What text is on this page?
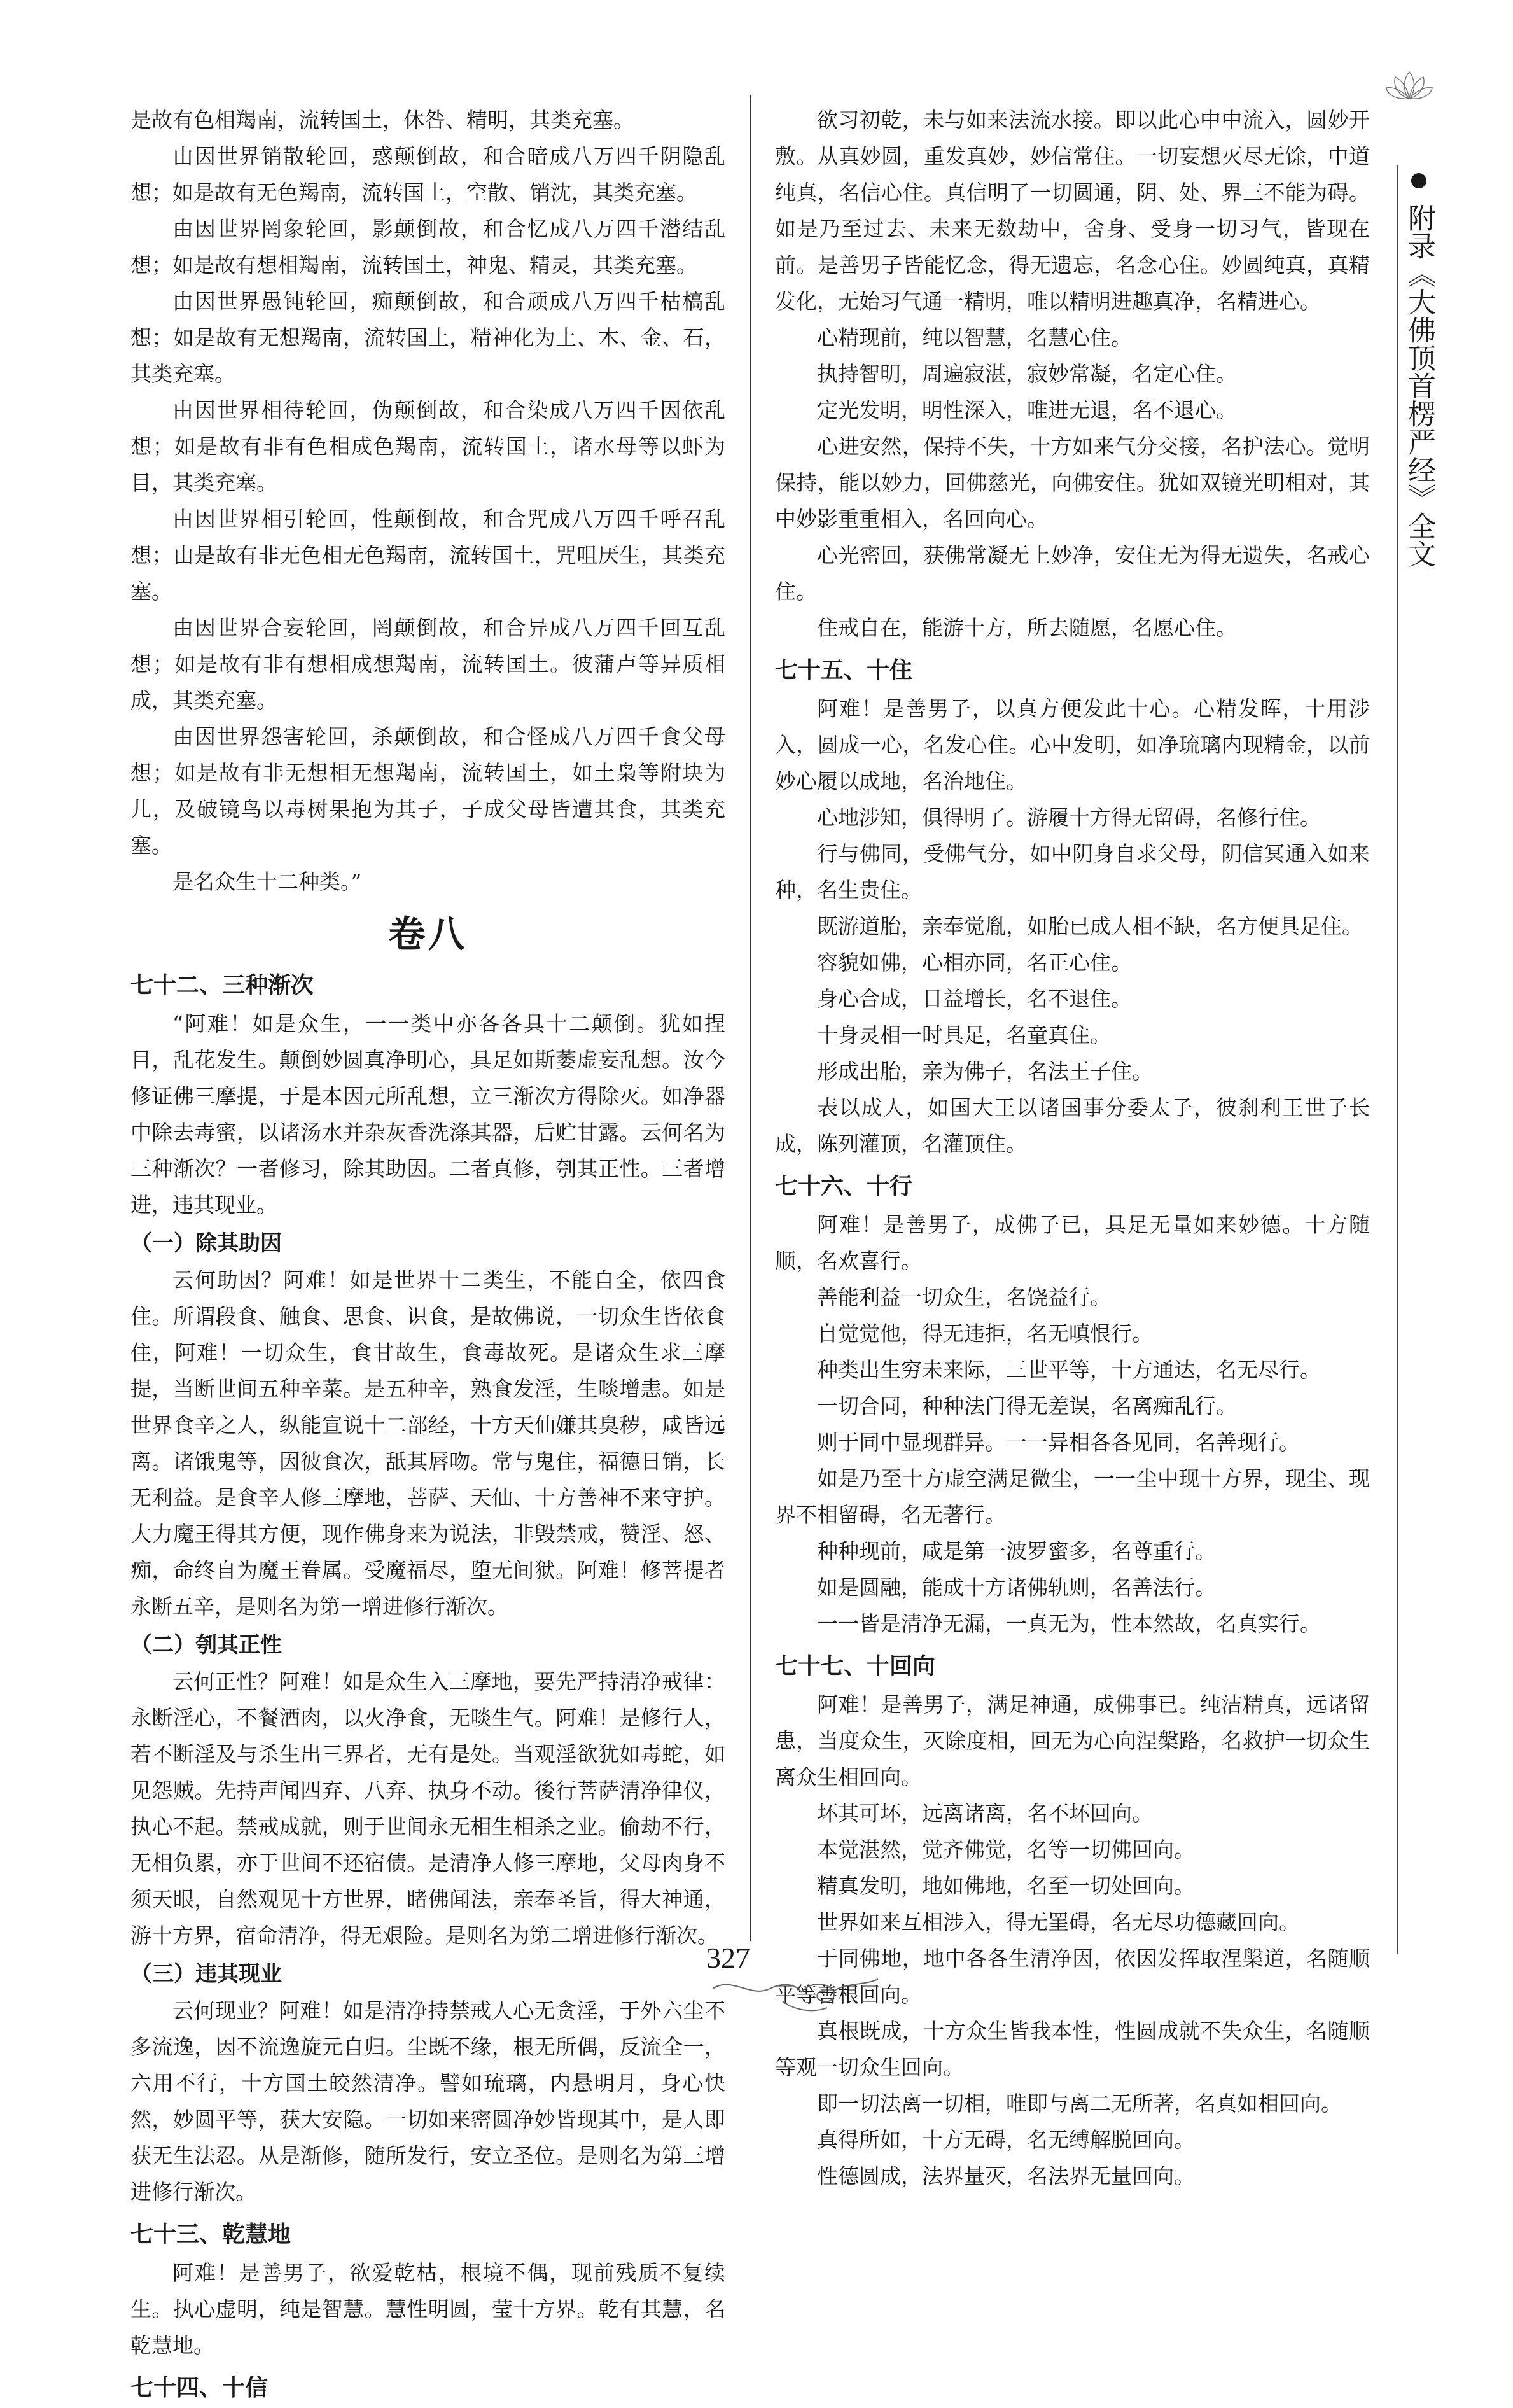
附录《大佛顶首楞严经》全文

是故有色相羯南，流转国土，休咎、精明，其类充塞。

由因世界销散轮回，惑颠倒故，和合暗成八万四千阴隐乱想；如是故有无色羯南，流转国土，空散、销沈，其类充塞。

由因世界罔象轮回，影颠倒故，和合忆成八万四千潜结乱想；如是故有想相羯南，流转国土，神鬼、精灵，其类充塞。

由因世界愚钝轮回，痴颠倒故，和合顽成八万四千枯槁乱想；如是故有无想羯南，流转国土，精神化为土、木、金、石，其类充塞。

由因世界相待轮回，伪颠倒故，和合染成八万四千因依乱想；如是故有非有色相成色羯南，流转国土，诸水母等以虾为目，其类充塞。

由因世界相引轮回，性颠倒故，和合咒成八万四千呼召乱想；由是故有非无色相无色羯南，流转国土，咒咀厌生，其类充塞。

由因世界合妄轮回，罔颠倒故，和合异成八万四千回互乱想；如是故有非有想相成想羯南，流转国土。彼蒲卢等异质相成，其类充塞。

由因世界怨害轮回，杀颠倒故，和合怪成八万四千食父母想；如是故有非无想相无想羯南，流转国土，如土枭等附块为儿，及破镜鸟以毒树果抱为其子，子成父母皆遭其食，其类充塞。

是名众生十二种类。”

卷八
七十二、三种渐次

“阿难！如是众生，一一类中亦各各具十二颠倒。犹如捏目，乱花发生。颠倒妙圆真净明心，具足如斯萎虚妄乱想。汝今修证佛三摩提，于是本因元所乱想，立三渐次方得除灭。如净器中除去毒蜜，以诸汤水并杂灰香洗涤其器，后贮甘露。云何名为三种渐次？一者修习，除其助因。二者真修，刳其正性。三者增进，违其现业。

（一）除其助因

云何助因？阿难！如是世界十二类生，不能自全，依四食住。所谓段食、触食、思食、识食，是故佛说，一切众生皆依食住，阿难！一切众生，食甘故生，食毒故死。是诸众生求三摩提，当断世间五种辛菜。是五种辛，熟食发淫，生啖增恚。如是世界食辛之人，纵能宣说十二部经，十方天仙嫌其臭秽，咸皆远离。诸饿鬼等，因彼食次，舐其唇吻。常与鬼住，福德日销，长无利益。是食辛人修三摩地，菩萨、天仙、十方善神不来守护。大力魔王得其方便，现作佛身来为说法，非毁禁戒，赞淫、怒、痴，命终自为魔王眷属。受魔福尽，堕无间狱。阿难！修菩提者永断五辛，是则名为第一增进修行渐次。

（二）刳其正性

云何正性？阿难！如是众生入三摩地，要先严持清净戒律：永断淫心，不餐酒肉，以火净食，无啖生气。阿难！是修行人，若不断淫及与杀生出三界者，无有是处。当观淫欲犹如毒蛇，如见怨贼。先持声闻四弃、八弃、执身不动。後行菩萨清净律仪，执心不起。禁戒成就，则于世间永无相生相杀之业。偷劫不行，无相负累，亦于世间不还宿债。是清净人修三摩地，父母肉身不须天眼，自然观见十方世界，睹佛闻法，亲奉圣旨，得大神通，游十方界，宿命清净，得无艰险。是则名为第二增进修行渐次。

（三）违其现业

云何现业？阿难！如是清净持禁戒人心无贪淫，于外六尘不多流逸，因不流逸旋元自归。尘既不缘，根无所偶，反流全一，六用不行，十方国土皎然清净。譬如琉璃，内悬明月，身心快然，妙圆平等，获大安隐。一切如来密圆净妙皆现其中，是人即获无生法忍。从是渐修，随所发行，安立圣位。是则名为第三增进修行渐次。

七十三、乾慧地

阿难！是善男子，欲爱乾枯，根境不偶，现前残质不复续生。执心虚明，纯是智慧。慧性明圆，莹十方界。乾有其慧，名乾慧地。

七十四、十信

欲习初乾，未与如来法流水接。即以此心中中流入，圆妙开敷。从真妙圆，重发真妙，妙信常住。一切妄想灭尽无馀，中道纯真，名信心住。真信明了一切圆通，阴、处、界三不能为碍。如是乃至过去、未来无数劫中，舍身、受身一切习气，皆现在前。是善男子皆能忆念，得无遗忘，名念心住。妙圆纯真，真精发化，无始习气通一精明，唯以精明进趣真净，名精进心。

心精现前，纯以智慧，名慧心住。

执持智明，周遍寂湛，寂妙常凝，名定心住。

定光发明，明性深入，唯进无退，名不退心。

心进安然，保持不失，十方如来气分交接，名护法心。觉明保持，能以妙力，回佛慈光，向佛安住。犹如双镜光明相对，其中妙影重重相入，名回向心。

心光密回，获佛常凝无上妙净，安住无为得无遗失，名戒心住。

住戒自在，能游十方，所去随愿，名愿心住。

七十五、十住

阿难！是善男子，以真方便发此十心。心精发晖，十用涉入，圆成一心，名发心住。心中发明，如净琉璃内现精金，以前妙心履以成地，名治地住。

心地涉知，俱得明了。游履十方得无留碍，名修行住。

行与佛同，受佛气分，如中阴身自求父母，阴信冥通入如来种，名生贵住。

既游道胎，亲奉觉胤，如胎已成人相不缺，名方便具足住。

容貌如佛，心相亦同，名正心住。

身心合成，日益增长，名不退住。

十身灵相一时具足，名童真住。

形成出胎，亲为佛子，名法王子住。

表以成人，如国大王以诸国事分委太子，彼刹利王世子长成，陈列灌顶，名灌顶住。

七十六、十行

阿难！是善男子，成佛子已，具足无量如来妙德。十方随顺，名欢喜行。

善能利益一切众生，名饶益行。

自觉觉他，得无违拒，名无嗔恨行。

种类出生穷未来际，三世平等，十方通达，名无尽行。

一切合同，种种法门得无差误，名离痴乱行。

则于同中显现群异。一一异相各各见同，名善现行。

如是乃至十方虚空满足微尘，一一尘中现十方界，现尘、现界不相留碍，名无著行。

种种现前，咸是第一波罗蜜多，名尊重行。

如是圆融，能成十方诸佛轨则，名善法行。

一一皆是清净无漏，一真无为，性本然故，名真实行。

七十七、十回向

阿难！是善男子，满足神通，成佛事已。纯洁精真，远诸留患，当度众生，灭除度相，回无为心向涅槃路，名救护一切众生离众生相回向。

坏其可坏，远离诸离，名不坏回向。

本觉湛然，觉齐佛觉，名等一切佛回向。

精真发明，地如佛地，名至一切处回向。

世界如来互相涉入，得无罣碍，名无尽功德藏回向。

于同佛地，地中各各生清净因，依因发挥取涅槃道，名随顺平等善根回向。

真根既成，十方众生皆我本性，性圆成就不失众生，名随顺等观一切众生回向。

即一切法离一切相，唯即与离二无所著，名真如相回向。

真得所如，十方无碍，名无缚解脱回向。

性德圆成，法界量灭，名法界无量回向。

327
